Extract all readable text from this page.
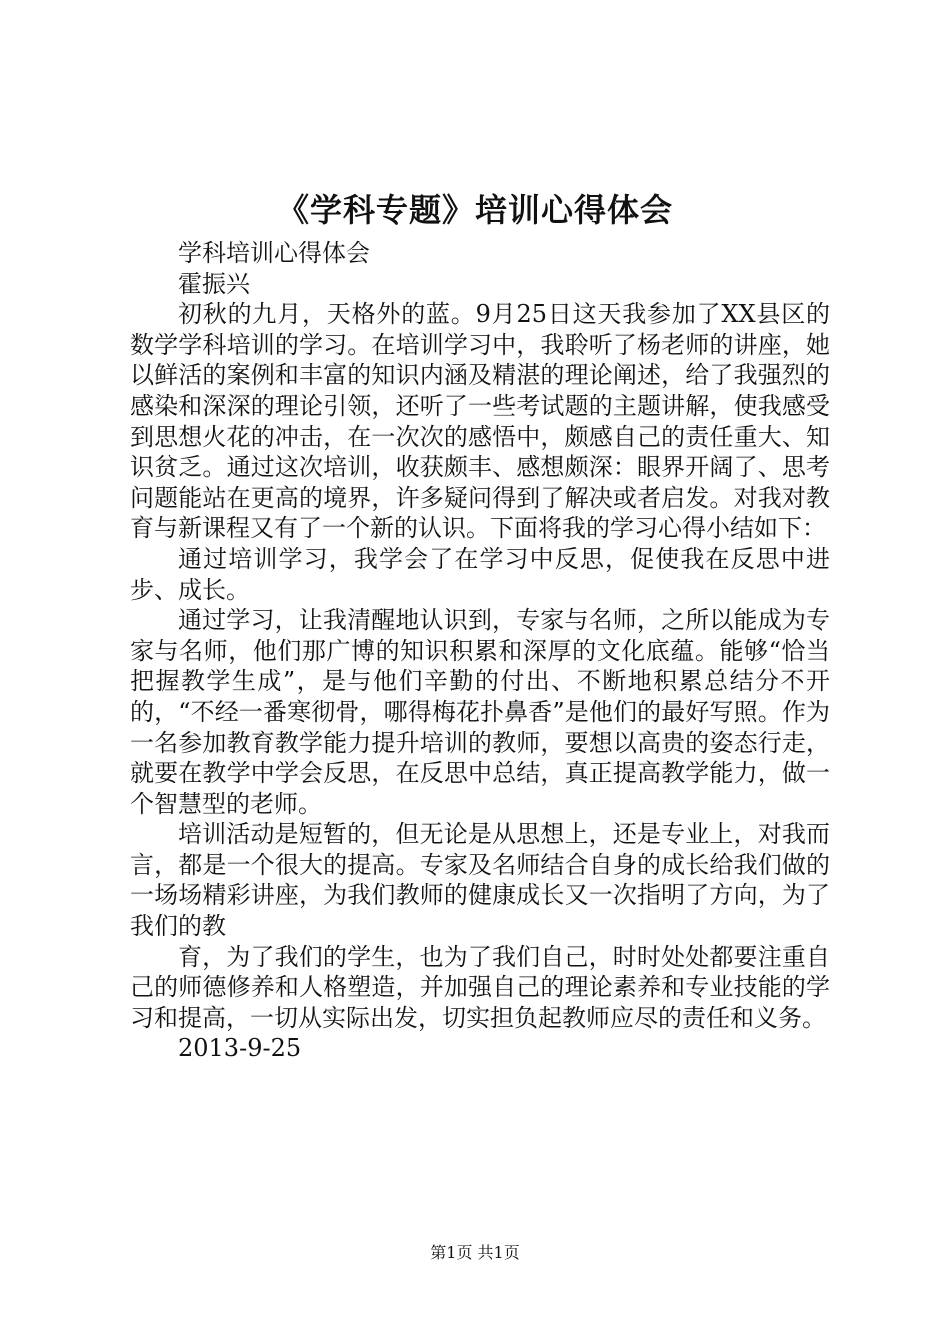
《学科专题》培训心得体会

学科培训心得体会

霍振兴

初秋的九月，天格外的蓝。9月25日这天我参加了XX县区的数学学科培训的学习。在培训学习中，我聆听了杨老师的讲座，她以鲜活的案例和丰富的知识内涵及精湛的理论阐述，给了我强烈的感染和深深的理论引领，还听了一些考试题的主题讲解，使我感受到思想火花的冲击，在一次次的感悟中，颇感自己的责任重大、知识贫乏。通过这次培训，收获颇丰、感想颇深：眼界开阔了、思考问题能站在更高的境界，许多疑问得到了解决或者启发。对我对教育与新课程又有了一个新的认识。下面将我的学习心得小结如下：

通过培训学习，我学会了在学习中反思，促使我在反思中进步、成长。

通过学习，让我清醒地认识到，专家与名师，之所以能成为专家与名师，他们那广博的知识积累和深厚的文化底蕴。能够“恰当把握教学生成”，是与他们辛勤的付出、不断地积累总结分不开的，“不经一番寒彻骨，哪得梅花扑鼻香”是他们的最好写照。作为一名参加教育教学能力提升培训的教师，要想以高贵的姿态行走，就要在教学中学会反思，在反思中总结，真正提高教学能力，做一个智慧型的老师。

培训活动是短暂的，但无论是从思想上，还是专业上，对我而言，都是一个很大的提高。专家及名师结合自身的成长给我们做的一场场精彩讲座，为我们教师的健康成长又一次指明了方向，为了我们的教

育，为了我们的学生，也为了我们自己，时时处处都要注重自己的师德修养和人格塑造，并加强自己的理论素养和专业技能的学习和提高，一切从实际出发，切实担负起教师应尽的责任和义务。

2013-9-25

第1页 共1页
